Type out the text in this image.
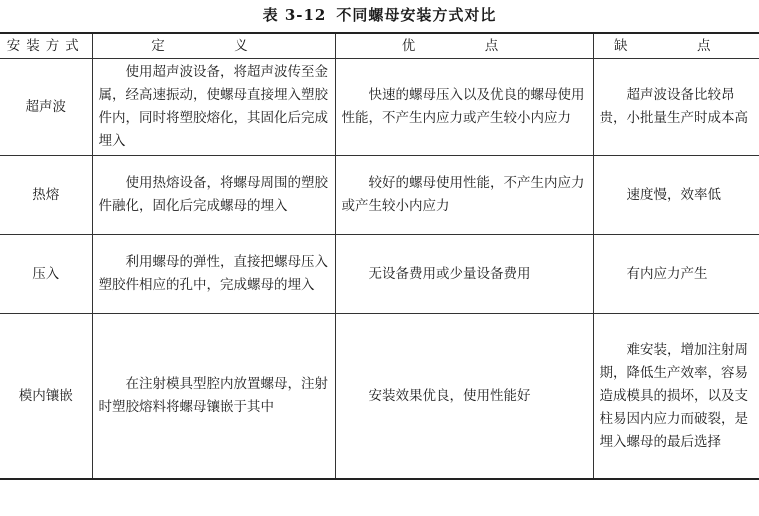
表 3-12 不同螺母安装方式对比
安装方式	定　义	优　点	缺　点
超声波	使用超声波设备，将超声波传至金属，经高速振动，使螺母直接埋入塑胶件内，同时将塑胶熔化，其固化后完成埋入	快速的螺母压入以及优良的螺母使用性能，不产生内应力或产生较小内应力	超声波设备比较昂贵，小批量生产时成本高
热熔	使用热熔设备，将螺母周围的塑胶件融化，固化后完成螺母的埋入	较好的螺母使用性能，不产生内应力或产生较小内应力	速度慢，效率低
压入	利用螺母的弹性，直接把螺母压入塑胶件相应的孔中，完成螺母的埋入	无设备费用或少量设备费用	有内应力产生
模内镶嵌	在注射模具型腔内放置螺母，注射时塑胶熔料将螺母镶嵌于其中	安装效果优良，使用性能好	难安装，增加注射周期，降低生产效率，容易造成模具的损坏，以及支柱易因内应力而破裂，是埋入螺母的最后选择
